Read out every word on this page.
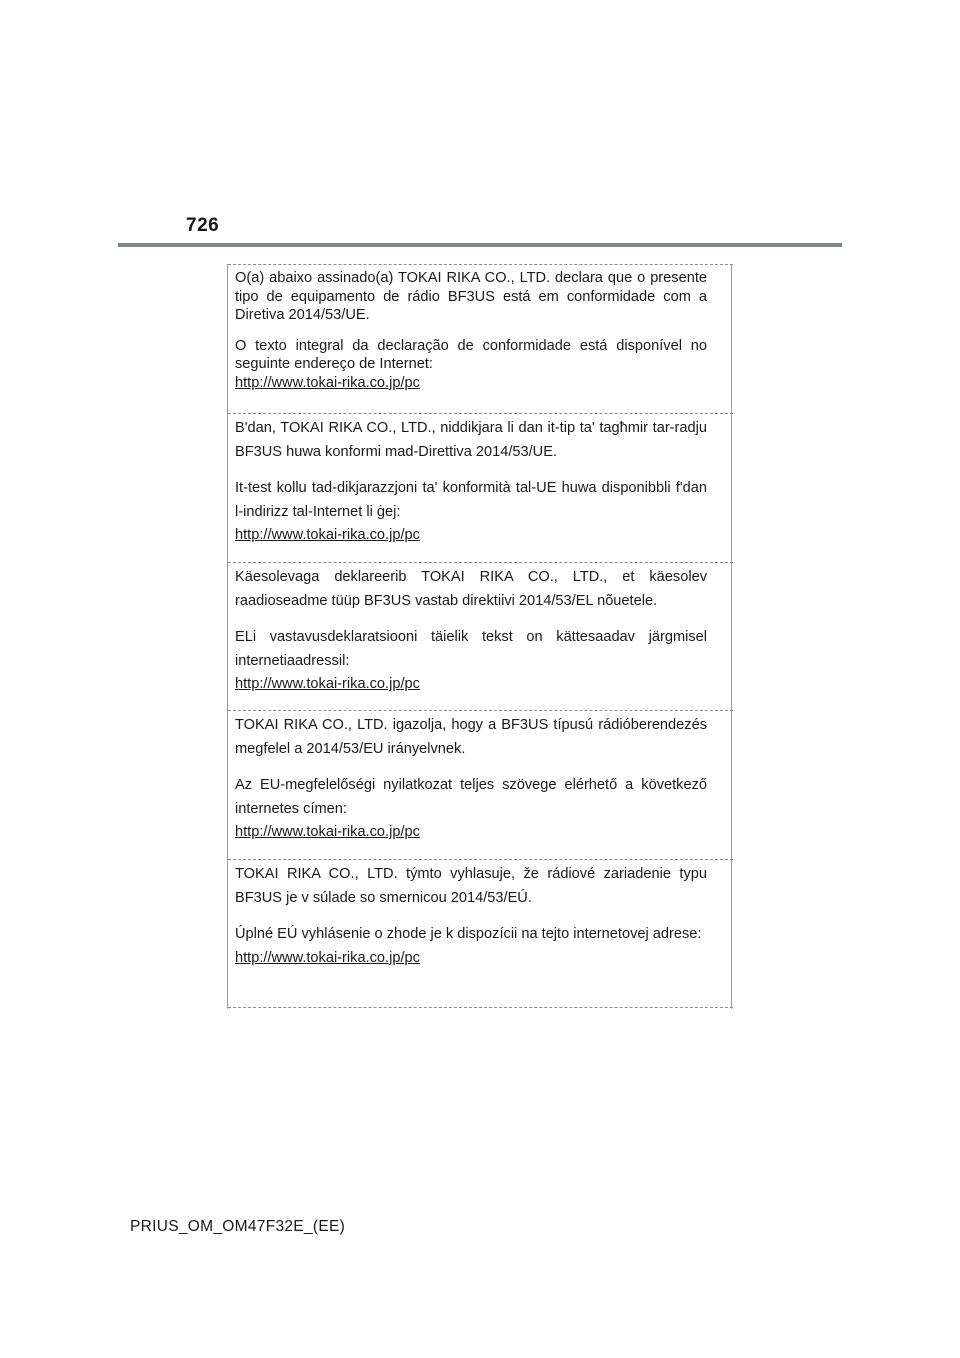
726

O(a) abaixo assinado(a) TOKAI RIKA CO., LTD. declara que o presente tipo de equipamento de rádio BF3US está em conformidade com a Diretiva 2014/53/UE.

O texto integral da declaração de conformidade está disponível no seguinte endereço de Internet:

http://www.tokai-rika.co.jp/pc

B'dan, TOKAI RIKA CO., LTD., niddikjara li dan it-tip ta' tagħmir tar-radju BF3US huwa konformi mad-Direttiva 2014/53/UE.

It-test kollu tad-dikjarazzjoni ta' konformità tal-UE huwa disponibbli f'dan l-indirizz tal-Internet li ġej:

http://www.tokai-rika.co.jp/pc

Käesolevaga deklareerib TOKAI RIKA CO., LTD., et käesolev raadioseadme tüüp BF3US vastab direktiivi 2014/53/EL nõuetele.

ELi vastavusdeklaratsiooni täielik tekst on kättesaadav järgmisel internetiaadressil:

http://www.tokai-rika.co.jp/pc

TOKAI RIKA CO., LTD. igazolja, hogy a BF3US típusú rádióberendezés megfelel a 2014/53/EU irányelvnek.

Az EU-megfelelőségi nyilatkozat teljes szövege elérhető a következő internetes címen:

http://www.tokai-rika.co.jp/pc

TOKAI RIKA CO., LTD. týmto vyhlasuje, že rádiové zariadenie typu BF3US je v súlade so smernicou 2014/53/EÚ.

Úplné EÚ vyhlásenie o zhode je k dispozícii na tejto internetovej adrese:

http://www.tokai-rika.co.jp/pc
PRIUS_OM_OM47F32E_(EE)
